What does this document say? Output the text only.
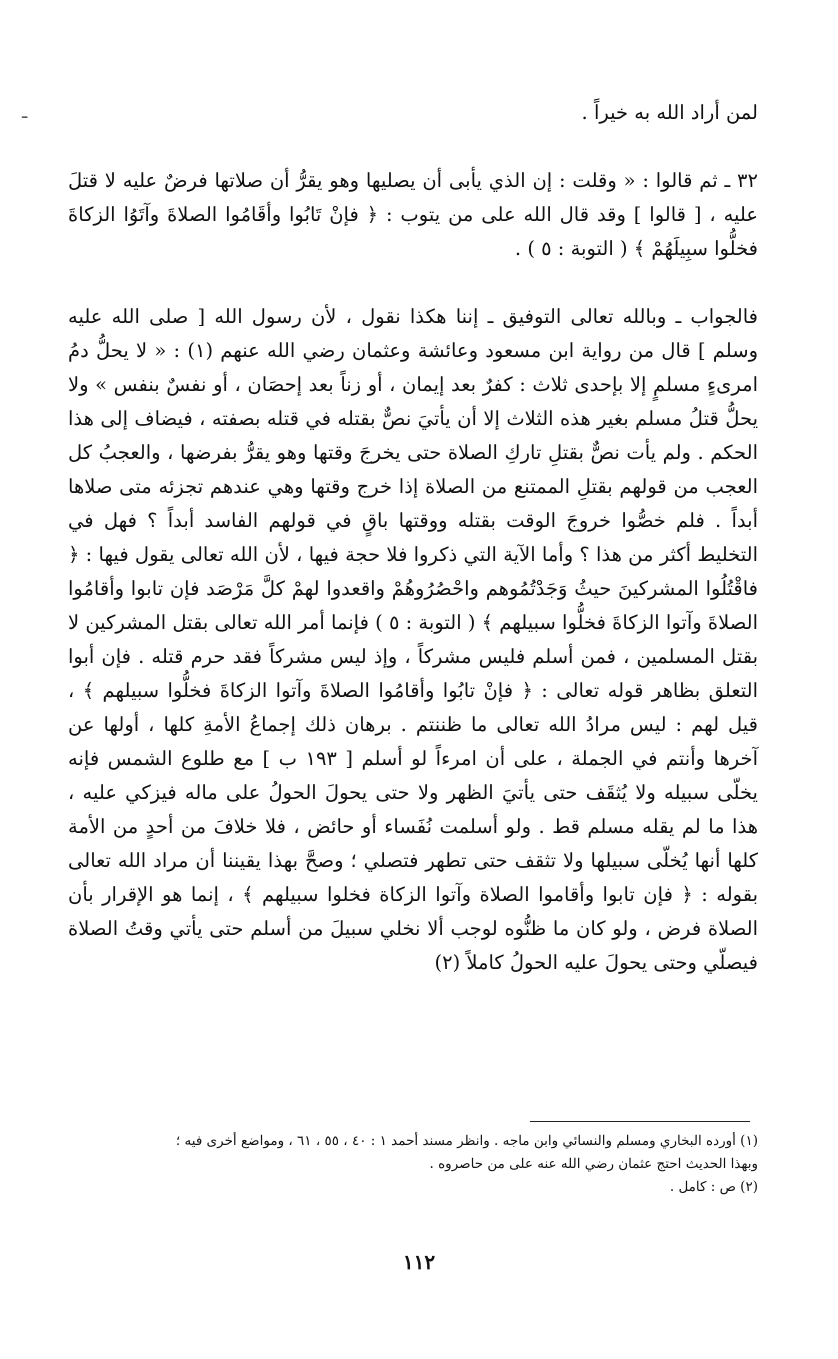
ـ	لمن أراد الله به خيراً .
٣٢ ـ ثم قالوا : « وقلت : إن الذي يأبى أن يصليها وهو يقرُّ أن صلاتها فرضٌ عليه لا قتلَ عليه ، [ قالوا ] وقد قال الله على من يتوب : ﴿ فإنْ تَابُوا وأقَامُوا الصلاةَ وآتَوُا الزكاةَ فخلُّوا سبِيلَهُمْ ﴾ ( التوبة : ٥ ) .
فالجواب ـ وبالله تعالى التوفيق ـ إننا هكذا نقول ، لأن رسول الله [ صلى الله عليه وسلم ] قال من رواية ابن مسعود وعائشة وعثمان رضي الله عنهم (١) : « لا يحلُّ دمُ امرىءٍ مسلمٍ إلا بإحدى ثلاث : كفرٌ بعد إيمان ، أو زناً بعد إحصَان ، أو نفسٌ بنفس » ولا يحلُّ قتلُ مسلم بغير هذه الثلاث إلا أن يأتيَ نصٌّ بقتله في قتله بصفته ، فيضاف إلى هذا الحكم . ولم يأت نصٌّ بقتلِ تاركِ الصلاة حتى يخرجَ وقتها وهو يقرُّ بفرضها ، والعجبُ كل العجب من قولهم بقتلِ الممتنع من الصلاة إذا خرج وقتها وهي عندهم تجزئه متى صلاها أبداً . فلم خصُّوا خروجَ الوقت بقتله ووقتها باقٍ في قولهم الفاسد أبداً ؟ فهل في التخليط أكثر من هذا ؟ وأما الآية التي ذكروا فلا حجة فيها ، لأن الله تعالى يقول فيها : ﴿ فاقْتُلُوا المشركينَ حيثُ وَجَدْتُمُوهم واحْصُرُوهُمْ واقعدوا لهمْ كلَّ مَرْصَد فإن تابوا وأقامُوا الصلاةَ وآتوا الزكاةَ فخلُّوا سبيلهم ﴾ ( التوبة : ٥ ) فإنما أمر الله تعالى بقتل المشركين لا بقتل المسلمين ، فمن أسلم فليس مشركاً ، وإذ ليس مشركاً فقد حرم قتله . فإن أبوا التعلق بظاهر قوله تعالى : ﴿ فإنْ تابُوا وأقامُوا الصلاةَ وآتوا الزكاةَ فخلُّوا سبيلهم ﴾ ، قيل لهم : ليس مرادُ الله تعالى ما ظننتم . برهان ذلك إجماعُ الأمةِ كلها ، أولها عن آخرها وأنتم في الجملة ، على أن امرءاً لو أسلم [ ١٩٣ ب ] مع طلوع الشمس فإنه يخلّى سبيله ولا يُثقَف حتى يأتيَ الظهر ولا حتى يحولَ الحولُ على ماله فيزكي عليه ، هذا ما لم يقله مسلم قط . ولو أسلمت نُفَساء أو حائض ، فلا خلافَ من أحدٍ من الأمة كلها أنها يُخلّى سبيلها ولا تثقف حتى تطهر فتصلي ؛ وصحَّ بهذا يقيننا أن مراد الله تعالى بقوله : ﴿ فإن تابوا وأقاموا الصلاة وآتوا الزكاة فخلوا سبيلهم ﴾ ، إنما هو الإقرار بأن الصلاة فرض ، ولو كان ما ظنُّوه لوجب ألا نخلي سبيلَ من أسلم حتى يأتي وقتُ الصلاة فيصلّي وحتى يحولَ عليه الحولُ كاملاً (٢)
(١) أورده البخاري ومسلم والنسائي وابن ماجه . وانظر مسند أحمد ١ : ٤٠ ، ٥٥ ، ٦١ ، ومواضع أخرى فيه ؛
وبهذا الحديث احتج عثمان رضي الله عنه على من حاصروه .
(٢) ص : كامل .
١١٢
